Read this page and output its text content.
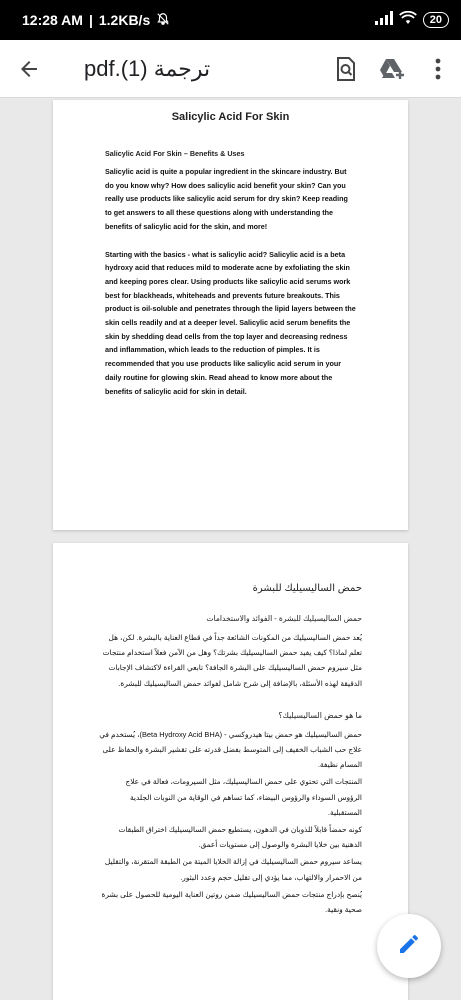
12:28 AM | 1.2KB/s	20
pdf.(1) ترجمة
Salicylic Acid For Skin
Salicylic Acid For Skin – Benefits & Uses
Salicylic acid is quite a popular ingredient in the skincare industry. But do you know why? How does salicylic acid benefit your skin? Can you really use products like salicylic acid serum for dry skin? Keep reading to get answers to all these questions along with understanding the benefits of salicylic acid for the skin, and more!
Starting with the basics - what is salicylic acid? Salicylic acid is a beta hydroxy acid that reduces mild to moderate acne by exfoliating the skin and keeping pores clear. Using products like salicylic acid serums work best for blackheads, whiteheads and prevents future breakouts. This product is oil-soluble and penetrates through the lipid layers between the skin cells readily and at a deeper level. Salicylic acid serum benefits the skin by shedding dead cells from the top layer and decreasing redness and inflammation, which leads to the reduction of pimples. It is recommended that you use products like salicylic acid serum in your daily routine for glowing skin. Read ahead to know more about the benefits of salicylic acid for skin in detail.
حمض الساليسيليك للبشرة
حمض الساليسيليك للبشرة - الفوائد والاستخدامات
يُعد حمض الساليسيليك من المكونات الشائعة جداً في قطاع العناية بالبشرة. لكن، هل تعلم لماذا؟ كيف يفيد حمض الساليسيليك بشرتك؟ وهل من الآمن فعلاً استخدام منتجات مثل سيروم حمض الساليسيليك على البشرة الجافة؟ تابعي القراءة لاكتشاف الإجابات الدقيقة لهذه الأسئلة، بالإضافة إلى شرح شامل لفوائد حمض الساليسيليك للبشرة.
ما هو حمض الساليسيليك؟
حمض الساليسيليك هو حمض بيتا هيدروكسي - (Beta Hydroxy Acid BHA)، يُستخدم في علاج حب الشباب الخفيف إلى المتوسط بفضل قدرته على تقشير البشرة والحفاظ على المسام نظيفة.
المنتجات التي تحتوي على حمض الساليسيليك، مثل السيرومات، فعالة في علاج الرؤوس السوداء والرؤوس البيضاء، كما تساهم في الوقاية من النوبات الجلدية المستقبلية.
كونه حمضاً قابلاً للذوبان في الدهون، يستطيع حمض الساليسيليك اختراق الطبقات الدهنية بين خلايا البشرة والوصول إلى مستويات أعمق.
يساعد سيروم حمض الساليسيليك في إزالة الخلايا الميتة من الطبقة المتقرنة، والتقليل من الاحمرار والالتهاب، مما يؤدي إلى تقليل حجم وعدد البثور.
يُنصح بإدراج منتجات حمض الساليسيليك ضمن روتين العناية اليومية للحصول على بشرة صحية ونقية.
